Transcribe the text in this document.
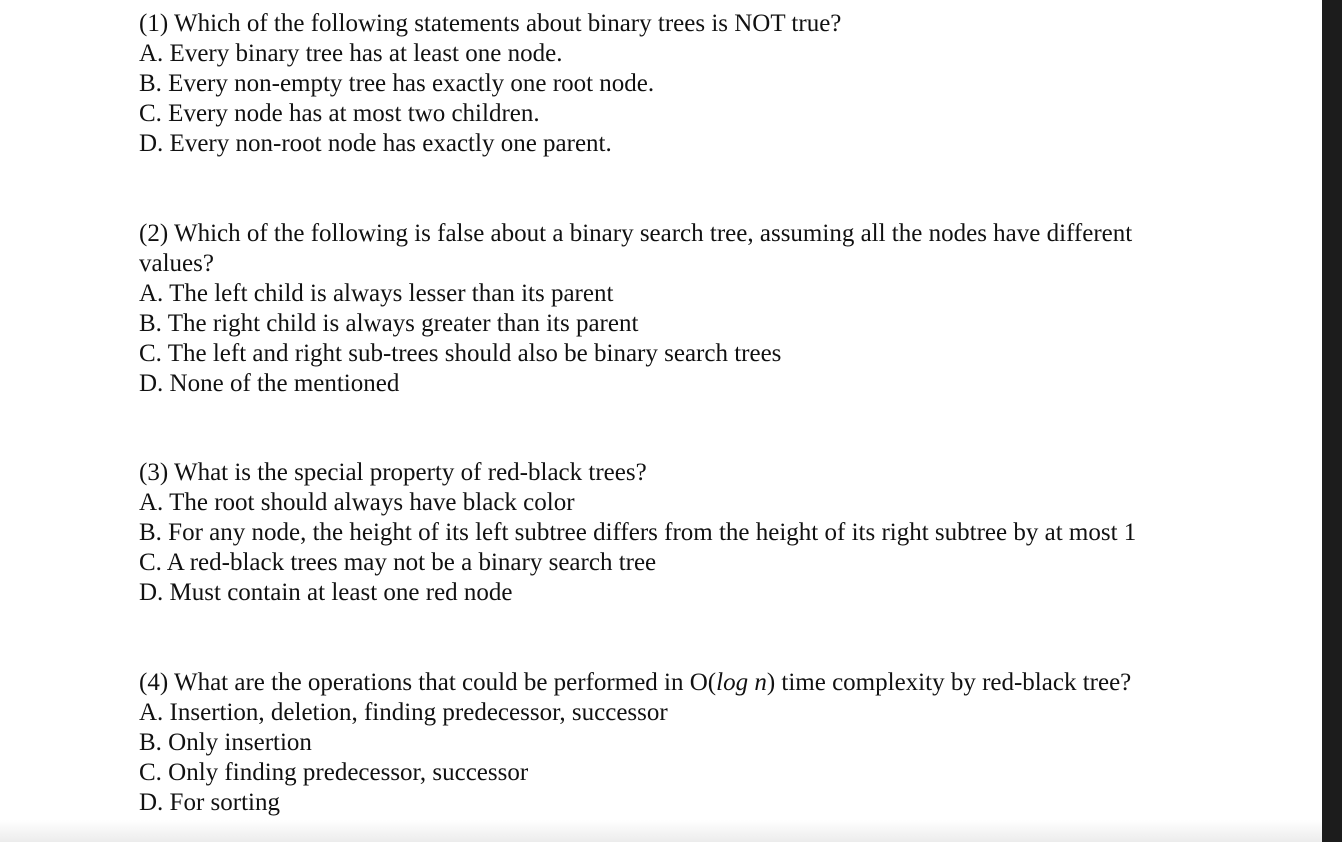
(1) Which of the following statements about binary trees is NOT true?
A. Every binary tree has at least one node.
B. Every non-empty tree has exactly one root node.
C. Every node has at most two children.
D. Every non-root node has exactly one parent.
(2) Which of the following is false about a binary search tree, assuming all the nodes have different
values?
A. The left child is always lesser than its parent
B. The right child is always greater than its parent
C. The left and right sub-trees should also be binary search trees
D. None of the mentioned
(3) What is the special property of red-black trees?
A. The root should always have black color
B. For any node, the height of its left subtree differs from the height of its right subtree by at most 1
C. A red-black trees may not be a binary search tree
D. Must contain at least one red node
(4) What are the operations that could be performed in O(log n) time complexity by red-black tree?
A. Insertion, deletion, finding predecessor, successor
B. Only insertion
C. Only finding predecessor, successor
D. For sorting
